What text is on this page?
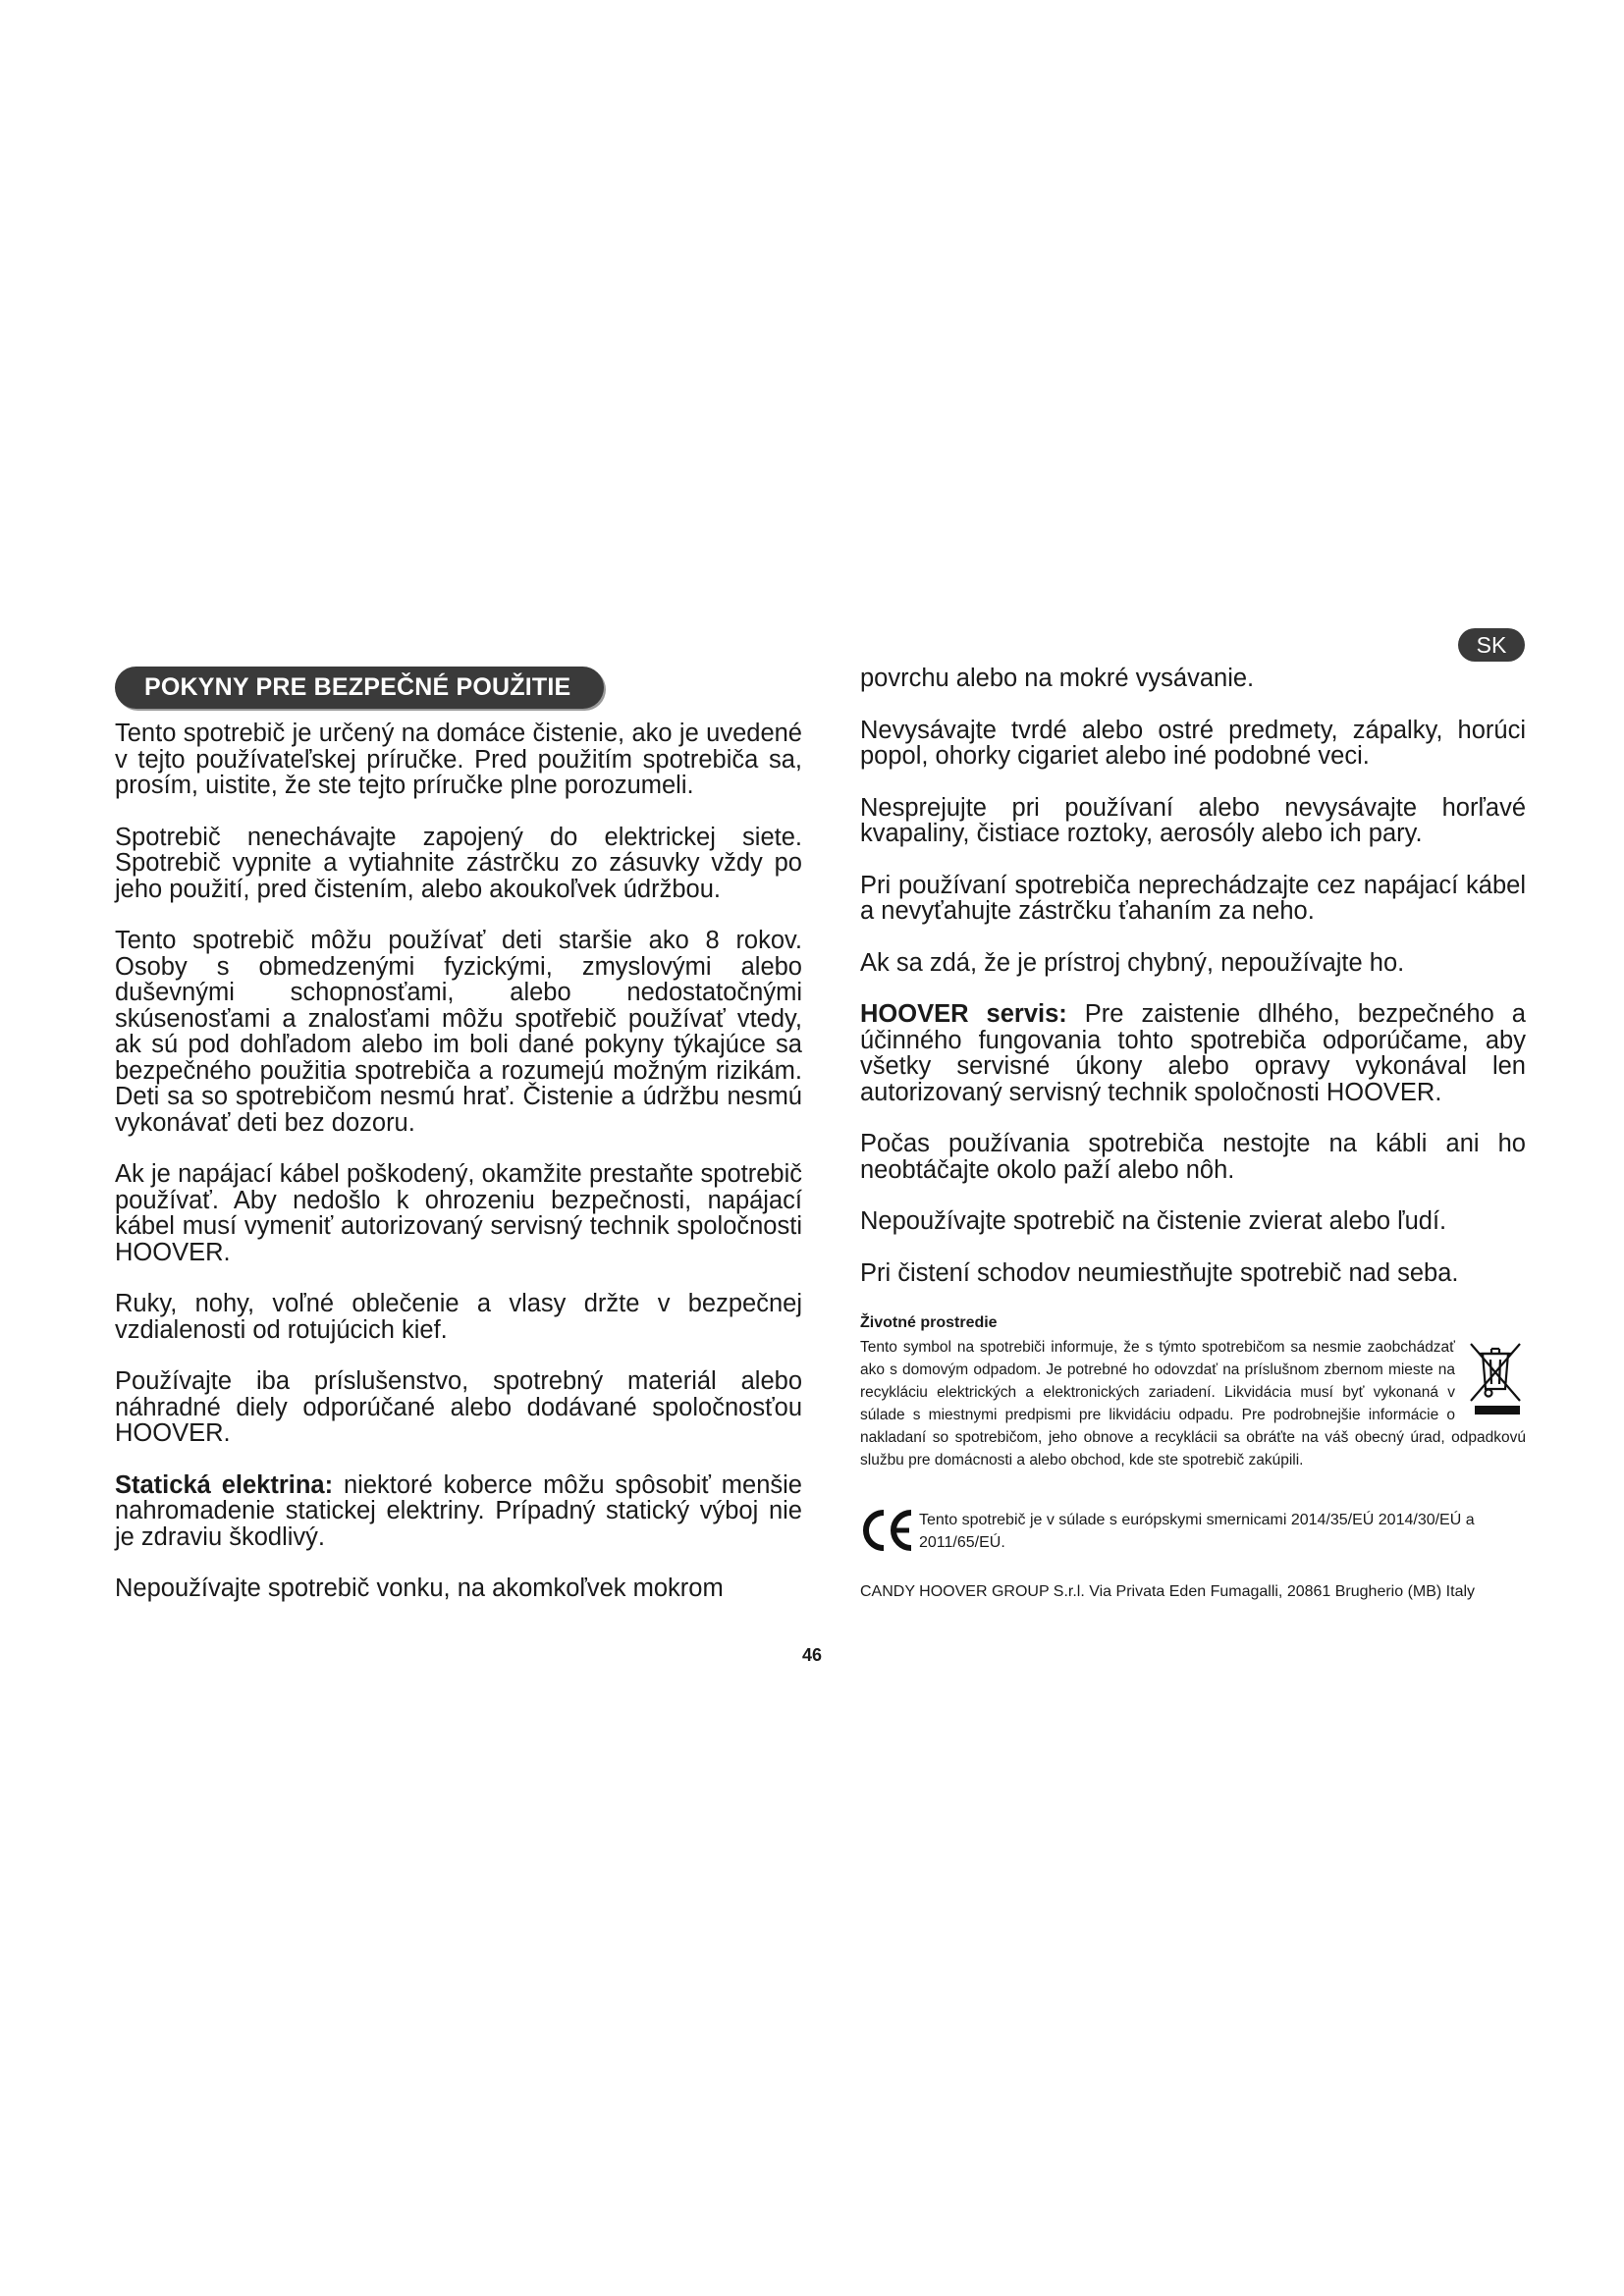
POKYNY PRE BEZPEČNÉ POUŽITIE
SK

Tento spotrebič je určený na domáce čistenie, ako je uvedené v tejto používateľskej príručke. Pred použitím spotrebiča sa, prosím, uistite, že ste tejto príručke plne porozumeli.

Spotrebič nenechávajte zapojený do elektrickej siete. Spotrebič vypnite a vytiahnite zástrčku zo zásuvky vždy po jeho použití, pred čistením, alebo akoukoľvek údržbou.

Tento spotrebič môžu používať deti staršie ako 8 rokov. Osoby s obmedzenými fyzickými, zmyslovými alebo duševnými schopnosťami, alebo nedostatočnými skúsenosťami a znalosťami môžu spotřebič používať vtedy, ak sú pod dohľadom alebo im boli dané pokyny týkajúce sa bezpečného použitia spotrebiča a rozumejú možným rizikám. Deti sa so spotrebičom nesmú hrať. Čistenie a údržbu nesmú vykonávať deti bez dozoru.

Ak je napájací kábel poškodený, okamžite prestaňte spotrebič používať. Aby nedošlo k ohrozeniu bezpečnosti, napájací kábel musí vymeniť autorizovaný servisný technik spoločnosti HOOVER.

Ruky, nohy, voľné oblečenie a vlasy držte v bezpečnej vzdialenosti od rotujúcich kief.

Používajte iba príslušenstvo, spotrebný materiál alebo náhradné diely odporúčané alebo dodávané spoločnosťou HOOVER.

Statická elektrina: niektoré koberce môžu spôsobiť menšie nahromadenie statickej elektriny. Prípadný statický výboj nie je zdraviu škodlivý.

Nepoužívajte spotrebič vonku, na akomkoľvek mokrom

povrchu alebo na mokré vysávanie.

Nevysávajte tvrdé alebo ostré predmety, zápalky, horúci popol, ohorky cigariet alebo iné podobné veci.

Nesprejujte pri používaní alebo nevysávajte horľavé kvapaliny, čistiace roztoky, aerosóly alebo ich pary.

Pri používaní spotrebiča neprechádzajte cez napájací kábel a nevyťahujte zástrčku ťahaním za neho.

Ak sa zdá, že je prístroj chybný, nepoužívajte ho.

HOOVER servis: Pre zaistenie dlhého, bezpečného a účinného fungovania tohto spotrebiča odporúčame, aby všetky servisné úkony alebo opravy vykonával len autorizovaný servisný technik spoločnosti HOOVER.

Počas používania spotrebiča nestojte na kábli ani ho neobtáčajte okolo paží alebo nôh.

Nepoužívajte spotrebič na čistenie zvierat alebo ľudí.

Pri čistení schodov neumiestňujte spotrebič nad seba.

Životné prostredie

Tento symbol na spotrebiči informuje, že s týmto spotrebičom sa nesmie zaobchádzať ako s domovým odpadom. Je potrebné ho odovzdať na príslušnom zbernom mieste na recykláciu elektrických a elektronických zariadení. Likvidácia musí byť vykonaná v súlade s miestnymi predpismi pre likvidáciu odpadu. Pre podrobnejšie informácie o nakladaní so spotrebičom, jeho obnove a recyklácii sa obráťte na váš obecný úrad, odpadkovú službu pre domácnosti a alebo obchod, kde ste spotrebič zakúpili.

Tento spotrebič je v súlade s európskymi smernicami 2014/35/EÚ 2014/30/EÚ a 2011/65/EÚ.

CANDY HOOVER GROUP S.r.l. Via Privata Eden Fumagalli, 20861 Brugherio (MB) Italy
46
